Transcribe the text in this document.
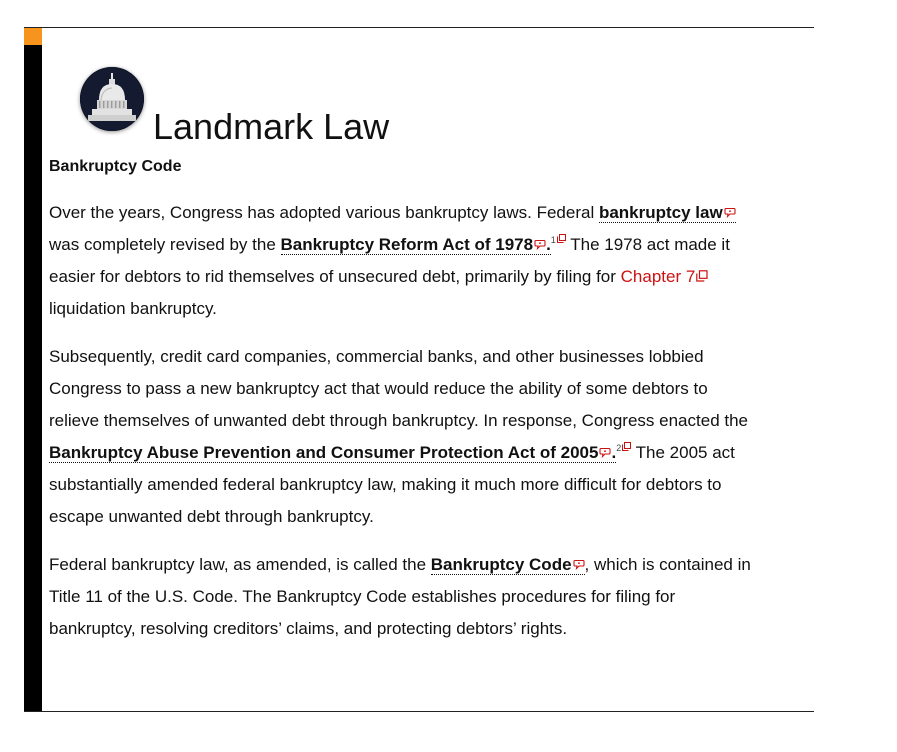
Landmark Law
Bankruptcy Code

Over the years, Congress has adopted various bankruptcy laws. Federal bankruptcy law was completely revised by the Bankruptcy Reform Act of 1978 .$^1$ The 1978 act made it easier for debtors to rid themselves of unsecured debt, primarily by filing for Chapter 7 liquidation bankruptcy.

Subsequently, credit card companies, commercial banks, and other businesses lobbied Congress to pass a new bankruptcy act that would reduce the ability of some debtors to relieve themselves of unwanted debt through bankruptcy. In response, Congress enacted the Bankruptcy Abuse Prevention and Consumer Protection Act of 2005 .$^2$ The 2005 act substantially amended federal bankruptcy law, making it much more difficult for debtors to escape unwanted debt through bankruptcy.

Federal bankruptcy law, as amended, is called the Bankruptcy Code , which is contained in Title 11 of the U.S. Code. The Bankruptcy Code establishes procedures for filing for bankruptcy, resolving creditors’ claims, and protecting debtors’ rights.
